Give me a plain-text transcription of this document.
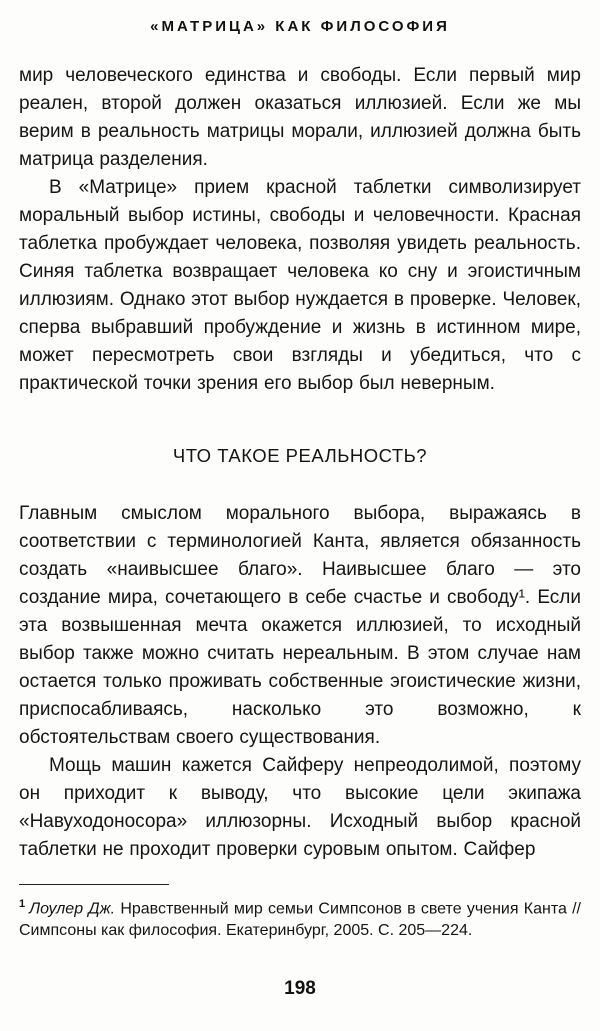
«МАТРИЦА» КАК ФИЛОСОФИЯ

мир человеческого единства и свободы. Если первый мир реален, второй должен оказаться иллюзией. Если же мы верим в реальность матрицы морали, иллюзией должна быть матрица разделения.

В «Матрице» прием красной таблетки символизирует моральный выбор истины, свободы и человечности. Красная таблетка пробуждает человека, позволяя увидеть реальность. Синяя таблетка возвращает человека ко сну и эгоистичным иллюзиям. Однако этот выбор нуждается в проверке. Человек, сперва выбравший пробуждение и жизнь в истинном мире, может пересмотреть свои взгляды и убедиться, что с практической точки зрения его выбор был неверным.

ЧТО ТАКОЕ РЕАЛЬНОСТЬ?

Главным смыслом морального выбора, выражаясь в соответствии с терминологией Канта, является обязанность создать «наивысшее благо». Наивысшее благо — это создание мира, сочетающего в себе счастье и свободу¹. Если эта возвышенная мечта окажется иллюзией, то исходный выбор также можно считать нереальным. В этом случае нам остается только проживать собственные эгоистические жизни, приспосабливаясь, насколько это возможно, к обстоятельствам своего существования.

Мощь машин кажется Сайферу непреодолимой, поэтому он приходит к выводу, что высокие цели экипажа «Навуходоносора» иллюзорны. Исходный выбор красной таблетки не проходит проверки суровым опытом. Сайфер

$^1$ Лоулер Дж. Нравственный мир семьи Симпсонов в свете учения Канта // Симпсоны как философия. Екатеринбург, 2005. С. 205—224.

198
